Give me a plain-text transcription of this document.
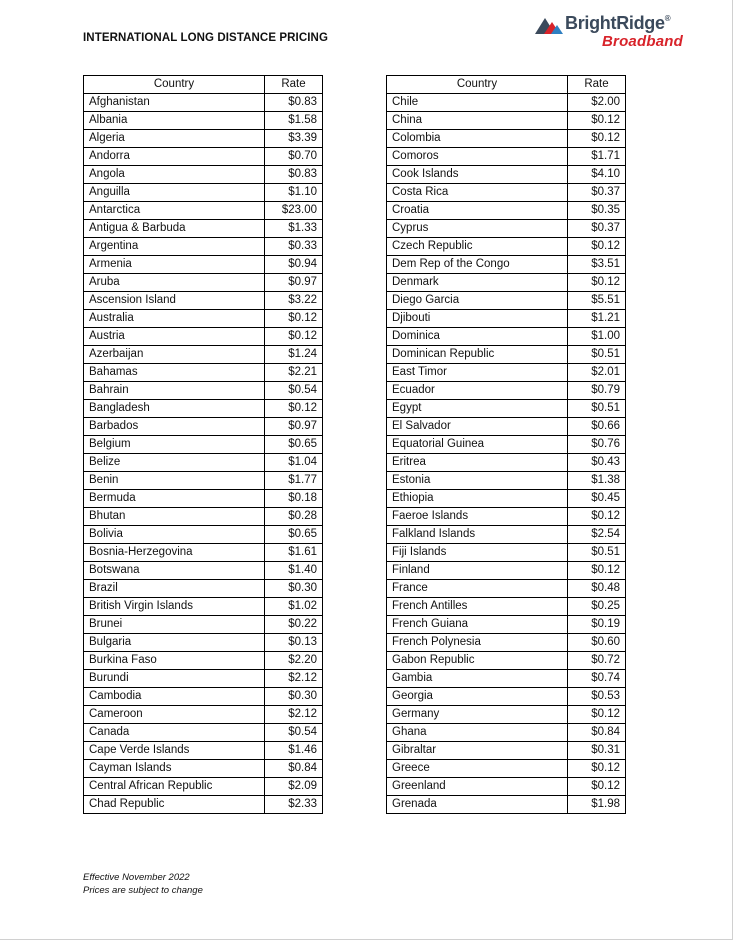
INTERNATIONAL LONG DISTANCE PRICING
BrightRidge®
Broadband
Country	Rate
Afghanistan	$0.83
Albania	$1.58
Algeria	$3.39
Andorra	$0.70
Angola	$0.83
Anguilla	$1.10
Antarctica	$23.00
Antigua & Barbuda	$1.33
Argentina	$0.33
Armenia	$0.94
Aruba	$0.97
Ascension Island	$3.22
Australia	$0.12
Austria	$0.12
Azerbaijan	$1.24
Bahamas	$2.21
Bahrain	$0.54
Bangladesh	$0.12
Barbados	$0.97
Belgium	$0.65
Belize	$1.04
Benin	$1.77
Bermuda	$0.18
Bhutan	$0.28
Bolivia	$0.65
Bosnia-Herzegovina	$1.61
Botswana	$1.40
Brazil	$0.30
British Virgin Islands	$1.02
Brunei	$0.22
Bulgaria	$0.13
Burkina Faso	$2.20
Burundi	$2.12
Cambodia	$0.30
Cameroon	$2.12
Canada	$0.54
Cape Verde Islands	$1.46
Cayman Islands	$0.84
Central African Republic	$2.09
Chad Republic	$2.33
Country	Rate
Chile	$2.00
China	$0.12
Colombia	$0.12
Comoros	$1.71
Cook Islands	$4.10
Costa Rica	$0.37
Croatia	$0.35
Cyprus	$0.37
Czech Republic	$0.12
Dem Rep of the Congo	$3.51
Denmark	$0.12
Diego Garcia	$5.51
Djibouti	$1.21
Dominica	$1.00
Dominican Republic	$0.51
East Timor	$2.01
Ecuador	$0.79
Egypt	$0.51
El Salvador	$0.66
Equatorial Guinea	$0.76
Eritrea	$0.43
Estonia	$1.38
Ethiopia	$0.45
Faeroe Islands	$0.12
Falkland Islands	$2.54
Fiji Islands	$0.51
Finland	$0.12
France	$0.48
French Antilles	$0.25
French Guiana	$0.19
French Polynesia	$0.60
Gabon Republic	$0.72
Gambia	$0.74
Georgia	$0.53
Germany	$0.12
Ghana	$0.84
Gibraltar	$0.31
Greece	$0.12
Greenland	$0.12
Grenada	$1.98
Effective November 2022
Prices are subject to change
